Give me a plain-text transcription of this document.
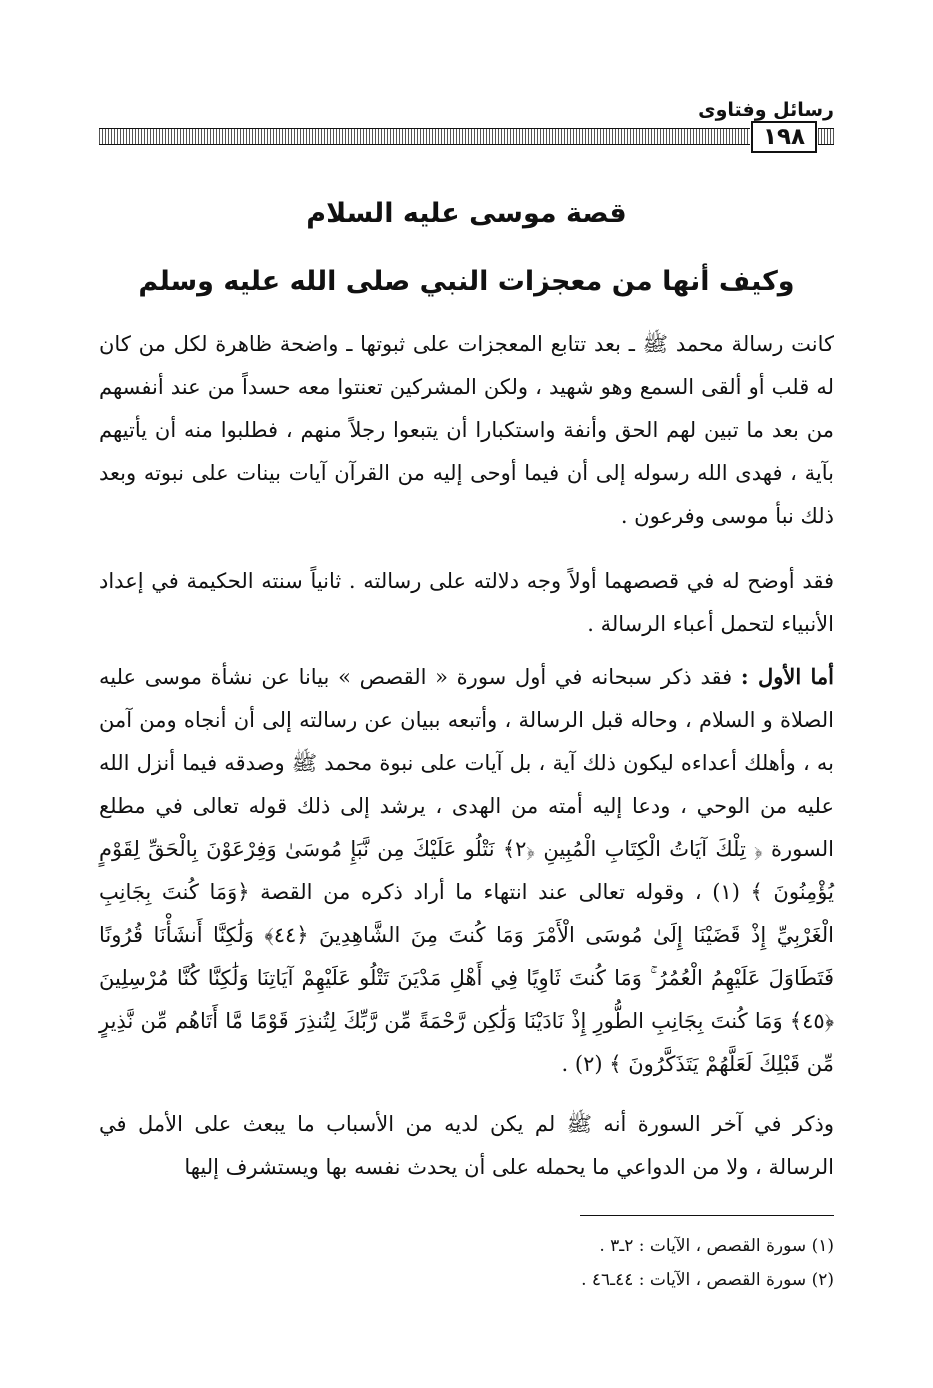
رسائل وفتاوى
١٩٨
قصة موسى عليه السلام
وكيف أنها من معجزات النبي صلى الله عليه وسلم
كانت رسالة محمد ﷺ ـ بعد تتابع المعجزات على ثبوتها ـ واضحة ظاهرة لكل من كان له قلب أو ألقى السمع وهو شهيد ، ولكن المشركين تعنتوا معه حسداً من عند أنفسهم من بعد ما تبين لهم الحق وأنفة واستكبارا أن يتبعوا رجلاً منهم ، فطلبوا منه أن يأتيهم بآية ، فهدى الله رسوله إلى أن فيما أوحى إليه من القرآن آيات بينات على نبوته وبعد ذلك نبأ موسى وفرعون .
فقد أوضح له في قصصهما أولاً وجه دلالته على رسالته . ثانياً سنته الحكيمة في إعداد الأنبياء لتحمل أعباء الرسالة .
أما الأول : فقد ذكر سبحانه في أول سورة « القصص » بيانا عن نشأة موسى عليه الصلاة و السلام ، وحاله قبل الرسالة ، وأتبعه ببيان عن رسالته إلى أن أنجاه ومن آمن به ، وأهلك أعداءه ليكون ذلك آية ، بل آيات على نبوة محمد ﷺ وصدقه فيما أنزل الله عليه من الوحي ، ودعا إليه أمته من الهدى ، يرشد إلى ذلك قوله تعالى في مطلع السورة ﴿ تِلْكَ آيَاتُ الْكِتَابِ الْمُبِينِ ﴿٢﴾ نَتْلُو عَلَيْكَ مِن نَّبَإِ مُوسَىٰ وَفِرْعَوْنَ بِالْحَقِّ لِقَوْمٍ يُؤْمِنُونَ ﴾ (١) ، وقوله تعالى عند انتهاء ما أراد ذكره من القصة ﴿وَمَا كُنتَ بِجَانِبِ الْغَرْبِيِّ إِذْ قَضَيْنَا إِلَىٰ مُوسَى الْأَمْرَ وَمَا كُنتَ مِنَ الشَّاهِدِينَ ﴿٤٤﴾ وَلَٰكِنَّا أَنشَأْنَا قُرُونًا فَتَطَاوَلَ عَلَيْهِمُ الْعُمُرُ ۚ وَمَا كُنتَ ثَاوِيًا فِي أَهْلِ مَدْيَنَ تَتْلُو عَلَيْهِمْ آيَاتِنَا وَلَٰكِنَّا كُنَّا مُرْسِلِينَ ﴿٤٥﴾ وَمَا كُنتَ بِجَانِبِ الطُّورِ إِذْ نَادَيْنَا وَلَٰكِن رَّحْمَةً مِّن رَّبِّكَ لِتُنذِرَ قَوْمًا مَّا أَتَاهُم مِّن نَّذِيرٍ مِّن قَبْلِكَ لَعَلَّهُمْ يَتَذَكَّرُونَ ﴾ (٢) .
وذكر في آخر السورة أنه ﷺ لم يكن لديه من الأسباب ما يبعث على الأمل في الرسالة ، ولا من الدواعي ما يحمله على أن يحدث نفسه بها ويستشرف إليها
(١) سورة القصص ، الآيات : ٢ـ٣ .
(٢) سورة القصص ، الآيات : ٤٤ـ٤٦ .
